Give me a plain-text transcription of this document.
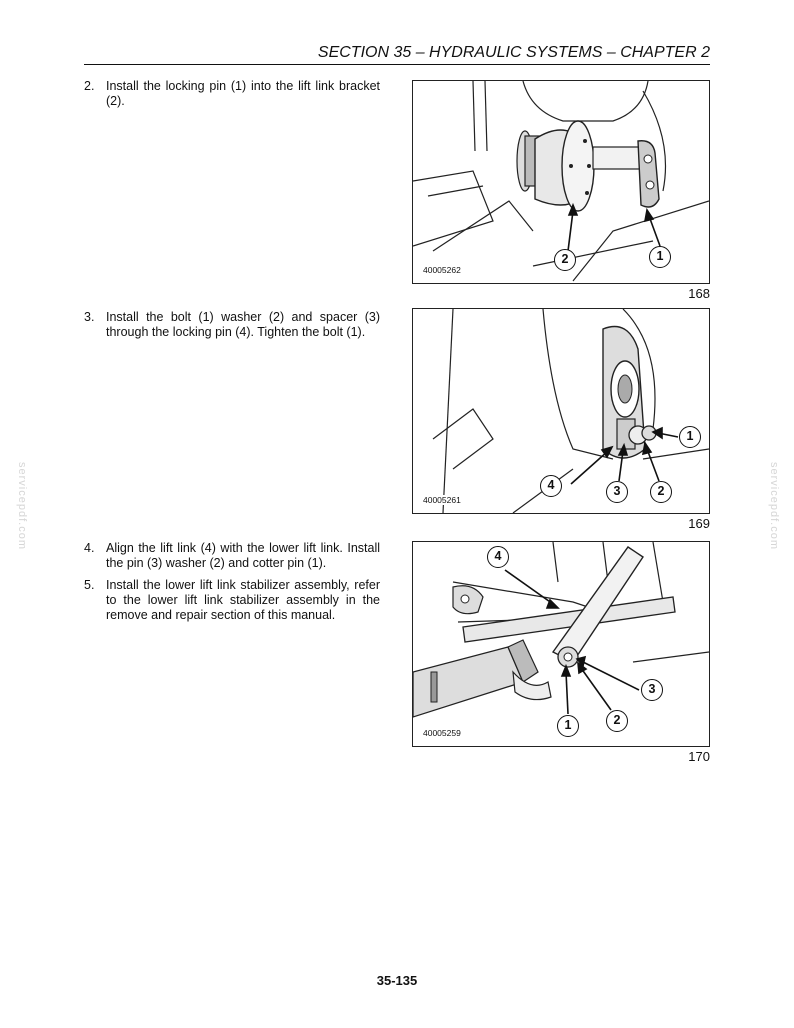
SECTION 35 – HYDRAULIC SYSTEMS – CHAPTER 2
2. Install the locking pin (1) into the lift link bracket (2).
3. Install the bolt (1) washer (2) and spacer (3) through the locking pin (4). Tighten the bolt (1).
4. Align the lift link (4) with the lower lift link. Install the pin (3) washer (2) and cotter pin (1).
5. Install the lower lift link stabilizer assembly, refer to the lower lift link stabilizer assembly in the remove and repair section of this manual.
40005262
2	1
168
40005261
1
4	3	2
169
40005259
4
3
1	2
170
servicepdf.com	servicepdf.com
35-135
